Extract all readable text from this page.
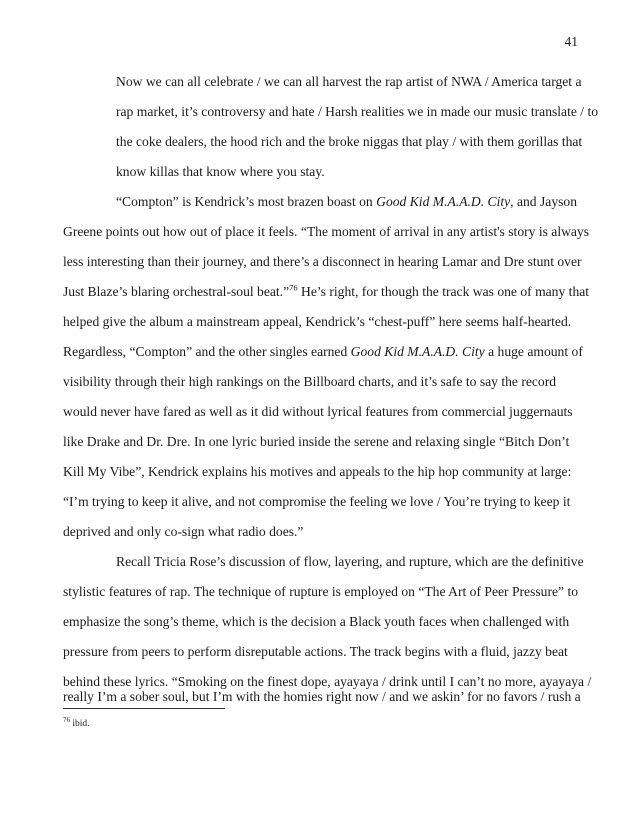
41
Now we can all celebrate / we can all harvest the rap artist of NWA / America target a
rap market, it’s controversy and hate / Harsh realities we in made our music translate / to
the coke dealers, the hood rich and the broke niggas that play / with them gorillas that
know killas that know where you stay.
“Compton” is Kendrick’s most brazen boast on Good Kid M.A.A.D. City, and Jayson
Greene points out how out of place it feels. “The moment of arrival in any artist's story is always
less interesting than their journey, and there’s a disconnect in hearing Lamar and Dre stunt over
Just Blaze’s blaring orchestral-soul beat.”$^{76}$ He’s right, for though the track was one of many that
helped give the album a mainstream appeal, Kendrick’s “chest-puff” here seems half-hearted.
Regardless, “Compton” and the other singles earned Good Kid M.A.A.D. City a huge amount of
visibility through their high rankings on the Billboard charts, and it’s safe to say the record
would never have fared as well as it did without lyrical features from commercial juggernauts
like Drake and Dr. Dre. In one lyric buried inside the serene and relaxing single “Bitch Don’t
Kill My Vibe”, Kendrick explains his motives and appeals to the hip hop community at large:
“I’m trying to keep it alive, and not compromise the feeling we love / You’re trying to keep it
deprived and only co-sign what radio does.”
Recall Tricia Rose’s discussion of flow, layering, and rupture, which are the definitive
stylistic features of rap. The technique of rupture is employed on “The Art of Peer Pressure” to
emphasize the song’s theme, which is the decision a Black youth faces when challenged with
pressure from peers to perform disreputable actions. The track begins with a fluid, jazzy beat
behind these lyrics. “Smoking on the finest dope, ayayaya / drink until I can’t no more, ayayaya /
$^{76}$ ibid.
really I’m a sober soul, but I’m with the homies right now / and we askin’ for no favors / rush a
